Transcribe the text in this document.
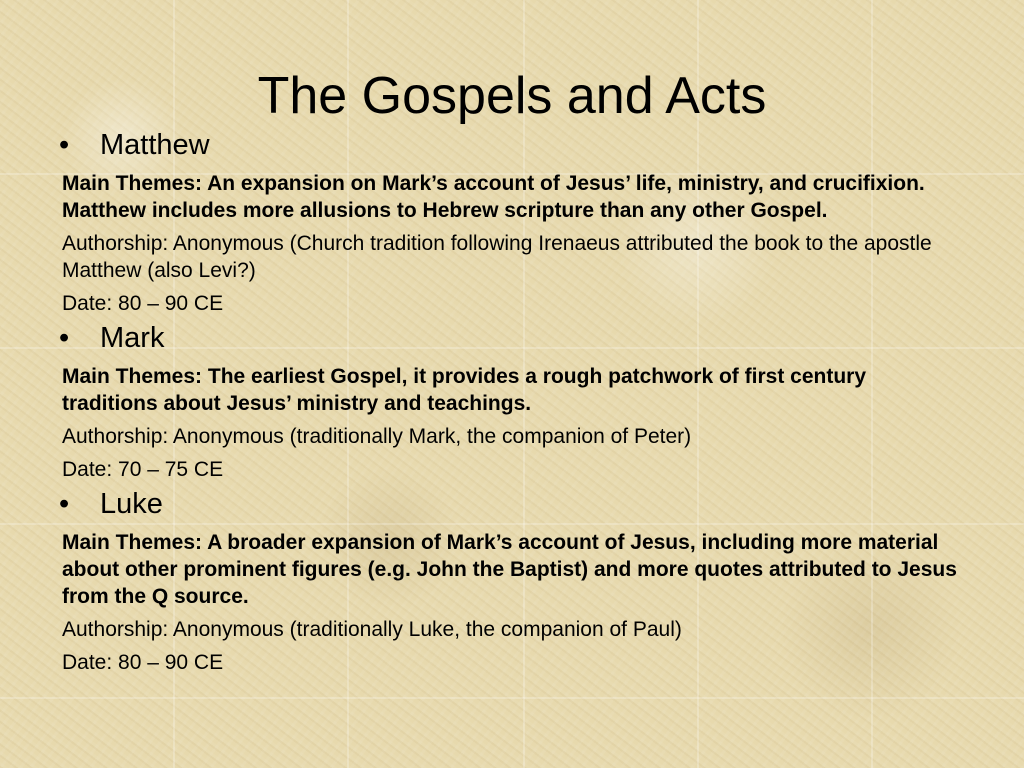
The Gospels and Acts
• Matthew

Main Themes: An expansion on Mark’s account of Jesus’ life, ministry, and crucifixion. Matthew includes more allusions to Hebrew scripture than any other Gospel.

Authorship: Anonymous (Church tradition following Irenaeus attributed the book to the apostle Matthew (also Levi?)

Date: 80 – 90 CE

• Mark

Main Themes: The earliest Gospel, it provides a rough patchwork of first century traditions about Jesus’ ministry and teachings.

Authorship: Anonymous (traditionally Mark, the companion of Peter)

Date: 70 – 75 CE

• Luke

Main Themes: A broader expansion of Mark’s account of Jesus, including more material about other prominent figures (e.g. John the Baptist) and more quotes attributed to Jesus from the Q source.

Authorship: Anonymous (traditionally Luke, the companion of Paul)

Date: 80 – 90 CE
